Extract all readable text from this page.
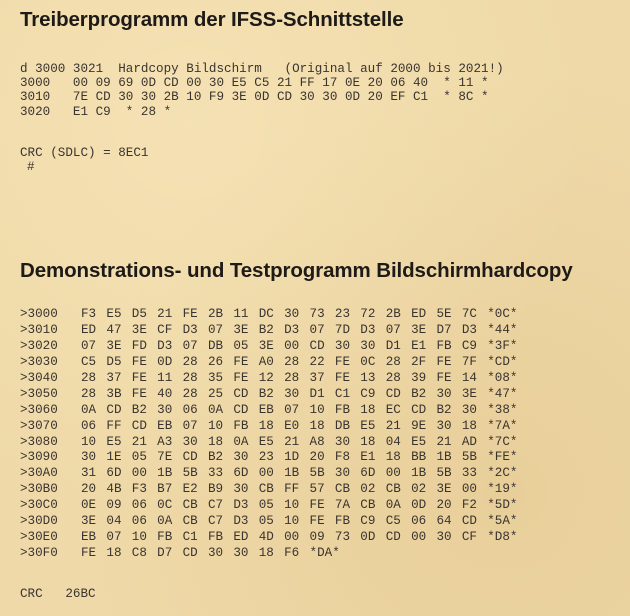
Treiberprogramm der IFSS-Schnittstelle
d 3000 3021  Hardcopy Bildschirm   (Original auf 2000 bis 2021!)
3000   00 09 69 0D CD 00 30 E5 C5 21 FF 17 0E 20 06 40  * 11 *
3010   7E CD 30 30 2B 10 F9 3E 0D CD 30 30 0D 20 EF C1  * 8C *
3020   E1 C9  * 28 *
CRC (SDLC) = 8EC1
#
Demonstrations- und Testprogramm Bildschirmhardcopy
>3000	F3 E5 D5 21 FE 2B 11 DC 30 73 23 72 2B ED 5E 7C *0C*
>3010	ED 47 3E CF D3 07 3E B2 D3 07 7D D3 07 3E D7 D3 *44*
>3020	07 3E FD D3 07 DB 05 3E 00 CD 30 30 D1 E1 FB C9 *3F*
>3030	C5 D5 FE 0D 28 26 FE A0 28 22 FE 0C 28 2F FE 7F *CD*
>3040	28 37 FE 11 28 35 FE 12 28 37 FE 13 28 39 FE 14 *08*
>3050	28 3B FE 40 28 25 CD B2 30 D1 C1 C9 CD B2 30 3E *47*
>3060	0A CD B2 30 06 0A CD EB 07 10 FB 18 EC CD B2 30 *38*
>3070	06 FF CD EB 07 10 FB 18 E0 18 DB E5 21 9E 30 18 *7A*
>3080	10 E5 21 A3 30 18 0A E5 21 A8 30 18 04 E5 21 AD *7C*
>3090	30 1E 05 7E CD B2 30 23 1D 20 F8 E1 18 BB 1B 5B *FE*
>30A0	31 6D 00 1B 5B 33 6D 00 1B 5B 30 6D 00 1B 5B 33 *2C*
>30B0	20 4B F3 B7 E2 B9 30 CB FF 57 CB 02 CB 02 3E 00 *19*
>30C0	0E 09 06 0C CB C7 D3 05 10 FE 7A CB 0A 0D 20 F2 *5D*
>30D0	3E 04 06 0A CB C7 D3 05 10 FE FB C9 C5 06 64 CD *5A*
>30E0	EB 07 10 FB C1 FB ED 4D 00 09 73 0D CD 00 30 CF *D8*
>30F0	FE 18 C8 D7 CD 30 30 18 F6 *DA*
CRC   26BC
